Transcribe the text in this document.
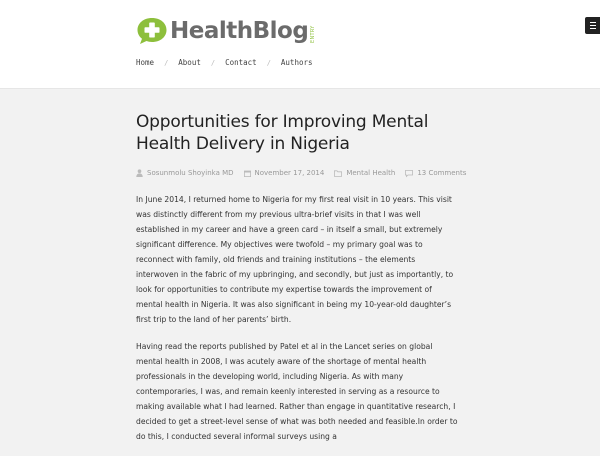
HealthBlog ENTRY
Home / About / Contact / Authors
Opportunities for Improving Mental Health Delivery in Nigeria
Sosunmolu Shoyinka MD	November 17, 2014	Mental Health	13 Comments

In June 2014, I returned home to Nigeria for my first real visit in 10 years. This visit was distinctly different from my previous ultra-brief visits in that I was well established in my career and have a green card – in itself a small, but extremely significant difference. My objectives were twofold – my primary goal was to reconnect with family, old friends and training institutions – the elements interwoven in the fabric of my upbringing, and secondly, but just as importantly, to look for opportunities to contribute my expertise towards the improvement of mental health in Nigeria. It was also significant in being my 10-year-old daughter’s first trip to the land of her parents’ birth.

Having read the reports published by Patel et al in the Lancet series on global mental health in 2008, I was acutely aware of the shortage of mental health professionals in the developing world, including Nigeria. As with many contemporaries, I was, and remain keenly interested in serving as a resource to making available what I had learned. Rather than engage in quantitative research, I decided to get a street-level sense of what was both needed and feasible.In order to do this, I conducted several informal surveys using a
